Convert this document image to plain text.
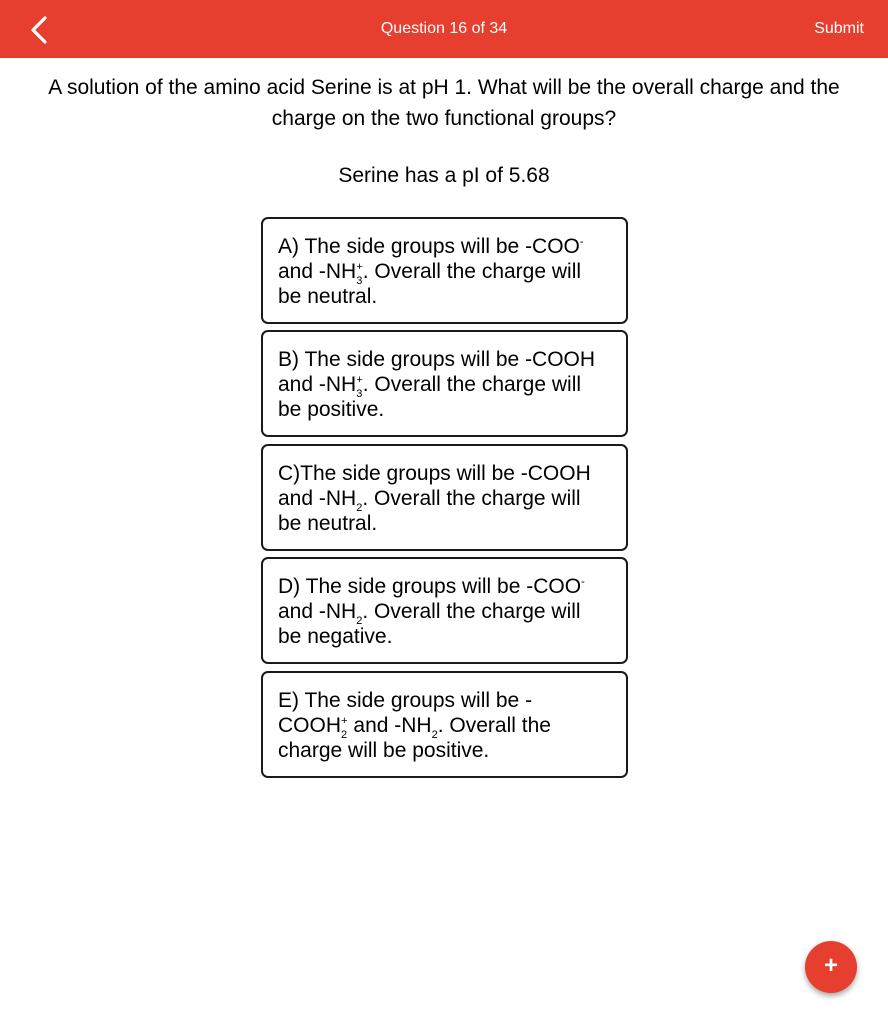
Question 16 of 34	Submit
A solution of the amino acid Serine is at pH 1. What will be the overall charge and the charge on the two functional groups?
Serine has a pI of 5.68
A) The side groups will be -COO-
and $-NH_3^+$. Overall the charge will
be neutral.
B) The side groups will be -COOH
and $-NH_3^+$. Overall the charge will
be positive.
C)The side groups will be -COOH
and $-NH_2$. Overall the charge will
be neutral.
D) The side groups will be -COO-
and $-NH_2$. Overall the charge will
be negative.
E) The side groups will be -
$COOH_2^+$ and $-NH_2$. Overall the
charge will be positive.
+
